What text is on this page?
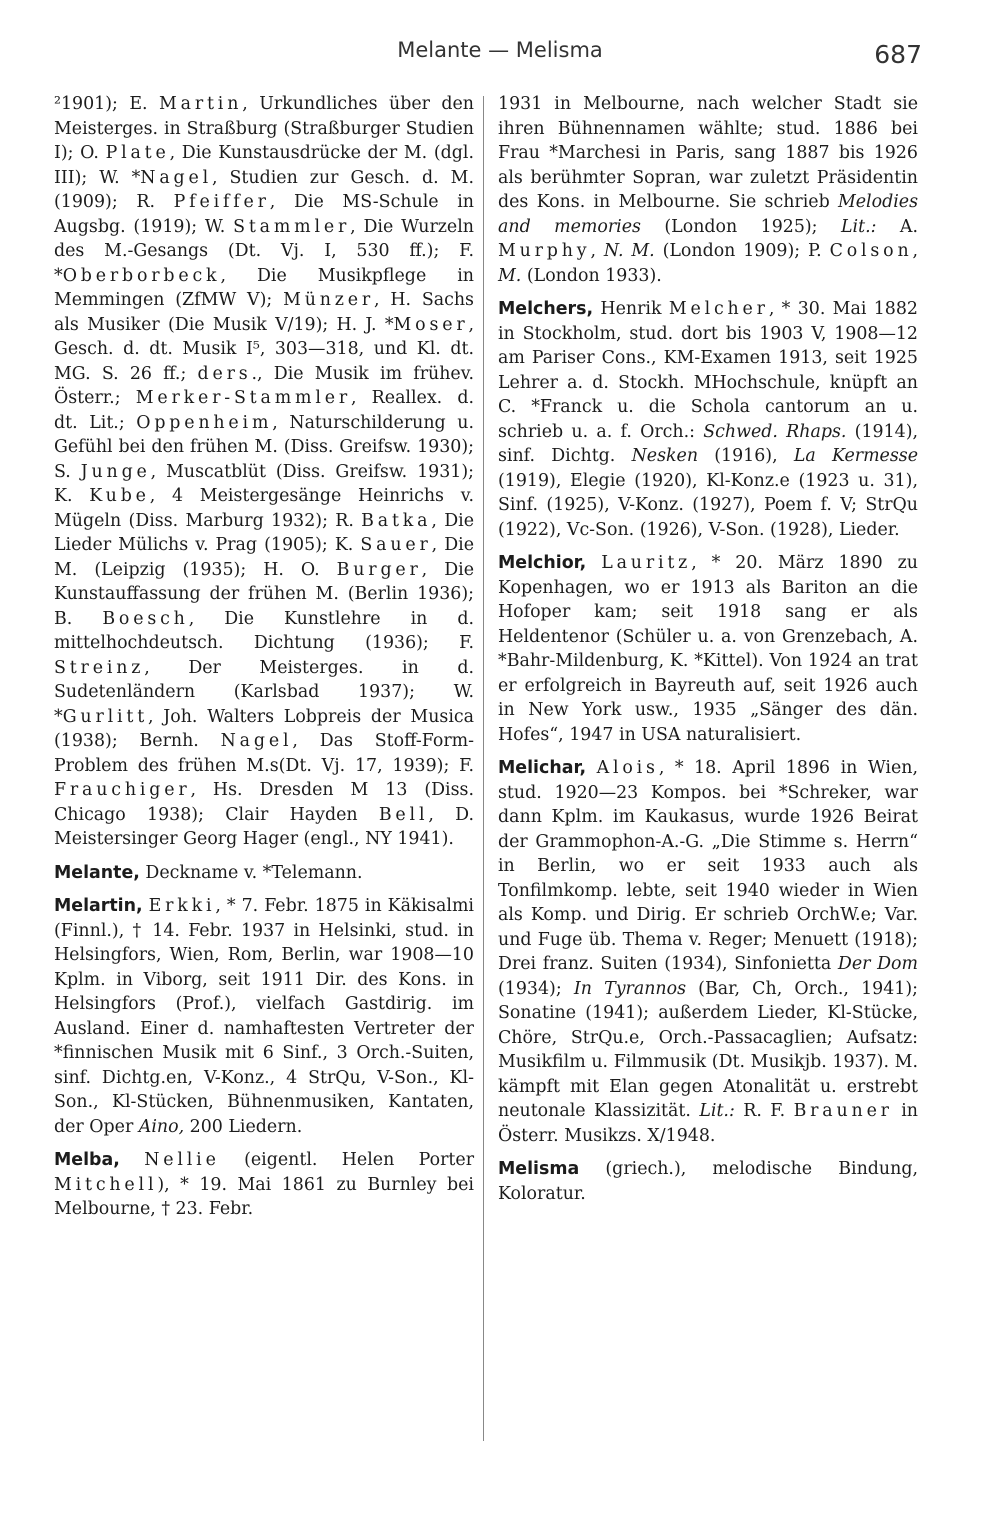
Melante — Melisma	687

²1901); E. Martin, Urkundliches über den Meisterges. in Straßburg (Straßburger Studien I); O. Plate, Die Kunstausdrücke der M. (dgl. III); W. *Nagel, Studien zur Gesch. d. M. (1909); R. Pfeiffer, Die MS-Schule in Augsbg. (1919); W. Stammler, Die Wurzeln des M.-Gesangs (Dt. Vj. I, 530 ff.); F. *Oberborbeck, Die Musikpflege in Memmingen (ZfMW V); Münzer, H. Sachs als Musiker (Die Musik V/19); H. J. *Moser, Gesch. d. dt. Musik I⁵, 303—318, und Kl. dt. MG. S. 26 ff.; ders., Die Musik im frühev. Österr.; Merker-Stammler, Reallex. d. dt. Lit.; Oppenheim, Naturschilderung u. Gefühl bei den frühen M. (Diss. Greifsw. 1930); S. Junge, Muscatblüt (Diss. Greifsw. 1931); K. Kube, 4 Meistergesänge Heinrichs v. Mügeln (Diss. Marburg 1932); R. Batka, Die Lieder Mülichs v. Prag (1905); K. Sauer, Die M. (Leipzig (1935); H. O. Burger, Die Kunstauffassung der frühen M. (Berlin 1936); B. Boesch, Die Kunstlehre in d. mittelhochdeutsch. Dichtung (1936); F. Streinz, Der Meisterges. in d. Sudetenländern (Karlsbad 1937); W. *Gurlitt, Joh. Walters Lobpreis der Musica (1938); Bernh. Nagel, Das Stoff-Form-Problem des frühen M.s(Dt. Vj. 17, 1939); F. Frauchiger, Hs. Dresden M 13 (Diss. Chicago 1938); Clair Hayden Bell, D. Meistersinger Georg Hager (engl., NY 1941).

Melante, Deckname v. *Telemann.

Melartin, Erkki, * 7. Febr. 1875 in Käkisalmi (Finnl.), † 14. Febr. 1937 in Helsinki, stud. in Helsingfors, Wien, Rom, Berlin, war 1908—10 Kplm. in Viborg, seit 1911 Dir. des Kons. in Helsingfors (Prof.), vielfach Gastdirig. im Ausland. Einer d. namhaftesten Vertreter der *finnischen Musik mit 6 Sinf., 3 Orch.-Suiten, sinf. Dichtg.en, V-Konz., 4 StrQu, V-Son., Kl-Son., Kl-Stücken, Bühnenmusiken, Kantaten, der Oper Aino, 200 Liedern.

Melba, Nellie (eigentl. Helen Porter Mitchell), * 19. Mai 1861 zu Burnley bei Melbourne, † 23. Febr.

1931 in Melbourne, nach welcher Stadt sie ihren Bühnennamen wählte; stud. 1886 bei Frau *Marchesi in Paris, sang 1887 bis 1926 als berühmter Sopran, war zuletzt Präsidentin des Kons. in Melbourne. Sie schrieb Melodies and memories (London 1925); Lit.: A. Murphy, N. M. (London 1909); P. Colson, M. (London 1933).

Melchers, Henrik Melcher, * 30. Mai 1882 in Stockholm, stud. dort bis 1903 V, 1908—12 am Pariser Cons., KM-Examen 1913, seit 1925 Lehrer a. d. Stockh. MHochschule, knüpft an C. *Franck u. die Schola cantorum an u. schrieb u. a. f. Orch.: Schwed. Rhaps. (1914), sinf. Dichtg. Nesken (1916), La Kermesse (1919), Elegie (1920), Kl-Konz.e (1923 u. 31), Sinf. (1925), V-Konz. (1927), Poem f. V; StrQu (1922), Vc-Son. (1926), V-Son. (1928), Lieder.

Melchior, Lauritz, * 20. März 1890 zu Kopenhagen, wo er 1913 als Bariton an die Hofoper kam; seit 1918 sang er als Heldentenor (Schüler u. a. von Grenzebach, A. *Bahr-Mildenburg, K. *Kittel). Von 1924 an trat er erfolgreich in Bayreuth auf, seit 1926 auch in New York usw., 1935 „Sänger des dän. Hofes“, 1947 in USA naturalisiert.

Melichar, Alois, * 18. April 1896 in Wien, stud. 1920—23 Kompos. bei *Schreker, war dann Kplm. im Kaukasus, wurde 1926 Beirat der Grammophon-A.-G. „Die Stimme s. Herrn“ in Berlin, wo er seit 1933 auch als Tonfilmkomp. lebte, seit 1940 wieder in Wien als Komp. und Dirig. Er schrieb OrchW.e; Var. und Fuge üb. Thema v. Reger; Menuett (1918); Drei franz. Suiten (1934), Sinfonietta Der Dom (1934); In Tyrannos (Bar, Ch, Orch., 1941); Sonatine (1941); außerdem Lieder, Kl-Stücke, Chöre, StrQu.e, Orch.-Passacaglien; Aufsatz: Musikfilm u. Filmmusik (Dt. Musikjb. 1937). M. kämpft mit Elan gegen Atonalität u. erstrebt neutonale Klassizität. Lit.: R. F. Brauner in Österr. Musikzs. X/1948.

Melisma (griech.), melodische Bindung, Koloratur.
